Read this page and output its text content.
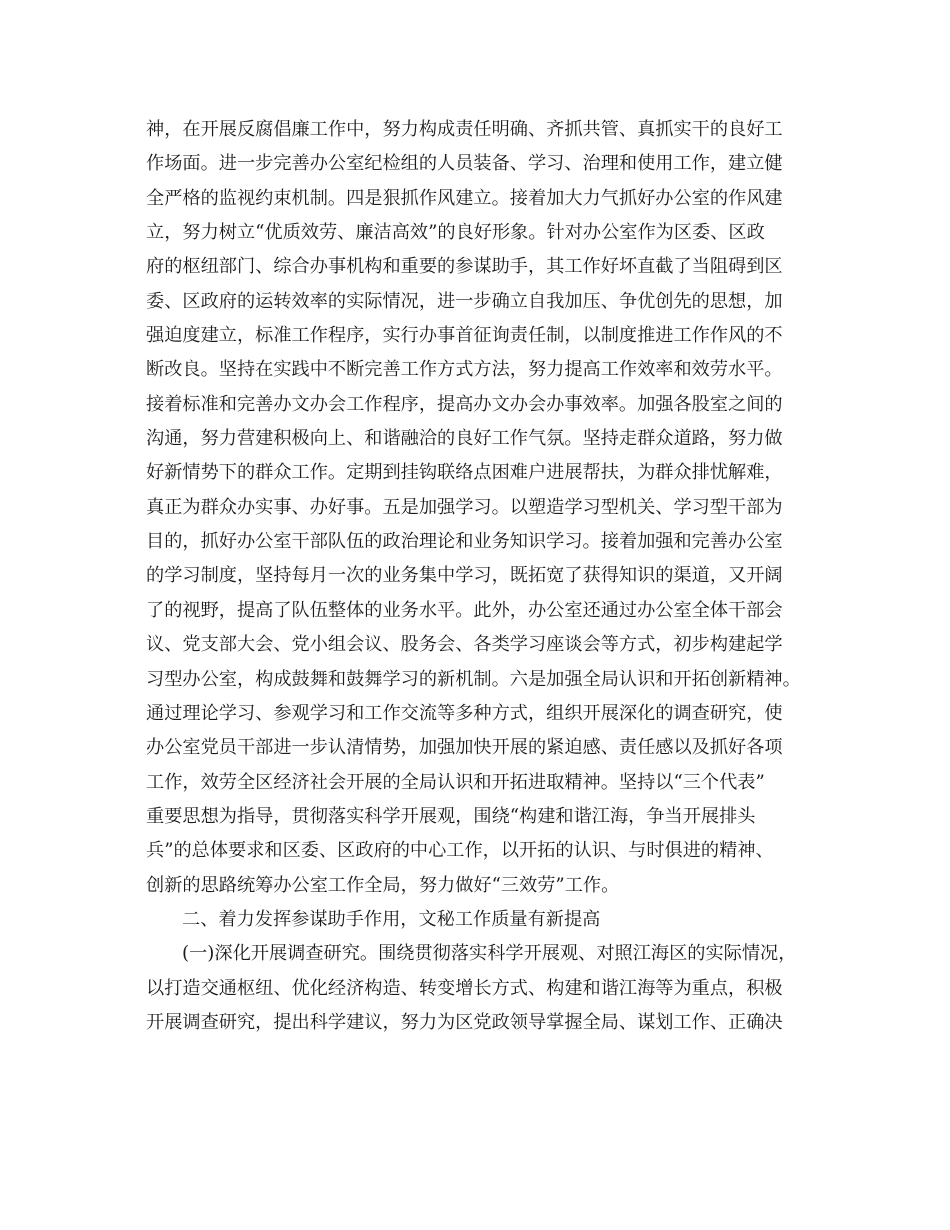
神，在开展反腐倡廉工作中，努力构成责任明确、齐抓共管、真抓实干的良好工
作场面。进一步完善办公室纪检组的人员装备、学习、治理和使用工作，建立健
全严格的监视约束机制。四是狠抓作风建立。接着加大力气抓好办公室的作风建
立，努力树立“优质效劳、廉洁高效”的良好形象。针对办公室作为区委、区政
府的枢纽部门、综合办事机构和重要的参谋助手，其工作好坏直截了当阻碍到区
委、区政府的运转效率的实际情况，进一步确立自我加压、争优创先的思想，加
强迫度建立，标准工作程序，实行办事首征询责任制，以制度推进工作作风的不
断改良。坚持在实践中不断完善工作方式方法，努力提高工作效率和效劳水平。
接着标准和完善办文办会工作程序，提高办文办会办事效率。加强各股室之间的
沟通，努力营建积极向上、和谐融洽的良好工作气氛。坚持走群众道路，努力做
好新情势下的群众工作。定期到挂钩联络点困难户进展帮扶，为群众排忧解难，
真正为群众办实事、办好事。五是加强学习。以塑造学习型机关、学习型干部为
目的，抓好办公室干部队伍的政治理论和业务知识学习。接着加强和完善办公室
的学习制度，坚持每月一次的业务集中学习，既拓宽了获得知识的渠道，又开阔
了的视野，提高了队伍整体的业务水平。此外，办公室还通过办公室全体干部会
议、党支部大会、党小组会议、股务会、各类学习座谈会等方式，初步构建起学
习型办公室，构成鼓舞和鼓舞学习的新机制。六是加强全局认识和开拓创新精神。
通过理论学习、参观学习和工作交流等多种方式，组织开展深化的调查研究，使
办公室党员干部进一步认清情势，加强加快开展的紧迫感、责任感以及抓好各项
工作，效劳全区经济社会开展的全局认识和开拓进取精神。坚持以“三个代表”
重要思想为指导，贯彻落实科学开展观，围绕“构建和谐江海，争当开展排头
兵”的总体要求和区委、区政府的中心工作，以开拓的认识、与时俱进的精神、
创新的思路统筹办公室工作全局，努力做好“三效劳”工作。
二、着力发挥参谋助手作用，文秘工作质量有新提高
(一)深化开展调查研究。围绕贯彻落实科学开展观、对照江海区的实际情况，
以打造交通枢纽、优化经济构造、转变增长方式、构建和谐江海等为重点，积极
开展调查研究，提出科学建议，努力为区党政领导掌握全局、谋划工作、正确决
